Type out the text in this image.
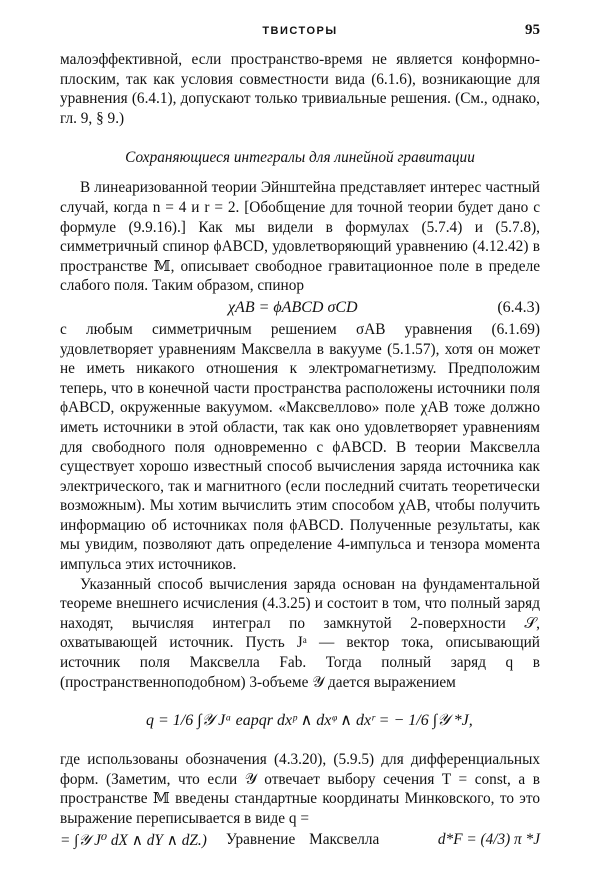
ТВИСТОРЫ	95

малоэффективной, если пространство-время не является конформно-плоским, так как условия совместности вида (6.1.6), возникающие для уравнения (6.4.1), допускают только тривиальные решения. (См., однако, гл. 9, § 9.)

Сохраняющиеся интегралы для линейной гравитации

В линеаризованной теории Эйнштейна представляет интерес частный случай, когда n = 4 и r = 2. [Обобщение для точной теории будет дано с формуле (9.9.16).] Как мы видели в формулах (5.7.4) и (5.7.8), симметричный спинор ϕABCD, удовлетворяющий уравнению (4.12.42) в пространстве 𝕄, описывает свободное гравитационное поле в пределе слабого поля. Таким образом, спинор

χAB = ϕABCD σCD	(6.4.3)

с любым симметричным решением σAB уравнения (6.1.69) удовлетворяет уравнениям Максвелла в вакууме (5.1.57), хотя он может не иметь никакого отношения к электромагнетизму. Предположим теперь, что в конечной части пространства расположены источники поля ϕABCD, окруженные вакуумом. «Максвеллово» поле χAB тоже должно иметь источники в этой области, так как оно удовлетворяет уравнениям для свободного поля одновременно с ϕABCD. В теории Максвелла существует хорошо известный способ вычисления заряда источника как электрического, так и магнитного (если последний считать теоретически возможным). Мы хотим вычислить этим способом χAB, чтобы получить информацию об источниках поля ϕABCD. Полученные результаты, как мы увидим, позволяют дать определение 4-импульса и тензора момента импульса этих источников.

Указанный способ вычисления заряда основан на фундаментальной теореме внешнего исчисления (4.3.25) и состоит в том, что полный заряд находят, вычисляя интеграл по замкнутой 2-поверхности 𝒮, охватывающей источник. Пусть Jᵃ — вектор тока, описывающий источник поля Максвелла Fab. Тогда полный заряд q в (пространственноподобном) 3-объеме 𝒴 дается выражением

q = 1/6 ∫𝒴 Jᵃ eapqr dxᵖ ∧ dxᵠ ∧ dxʳ = − 1/6 ∫𝒴 *J,

где использованы обозначения (4.3.20), (5.9.5) для дифференциальных форм. (Заметим, что если 𝒴 отвечает выбору сечения T = const, а в пространстве 𝕄 введены стандартные координаты Минковского, то это выражение переписывается в виде q =

= ∫𝒴 J⁰ dX ∧ dY ∧ dZ.) Уравнение Максвелла	d*F = (4/3) π *J
